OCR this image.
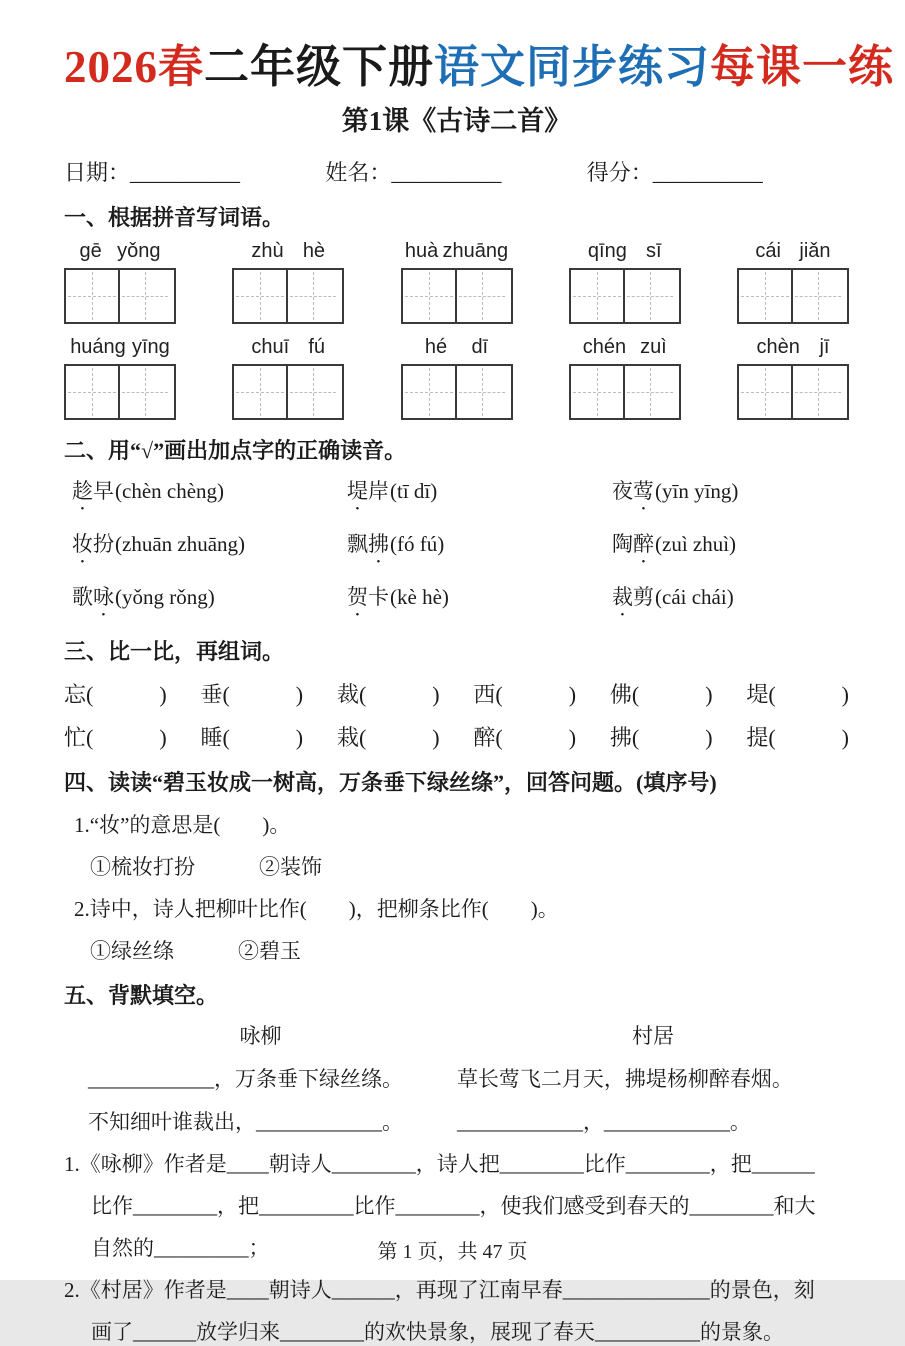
2026春二年级下册语文同步练习每课一练
第1课《古诗二首》
日期：__________	姓名：__________	得分：__________
一、根据拼音写词语。
gē yǒng	zhù hè	huà zhuāng	qīng sī	cái jiǎn
huáng yīng	chuī fú	hé dī	chén zuì	chèn jī
二、用“√”画出加点字的正确读音。
趁早(chèn chèng)	堤岸(tī dī)	夜莺(yīn yīng)
妆扮(zhuān zhuāng)	飘拂(fó fú)	陶醉(zuì zhuì)
歌咏(yǒng rǒng)	贺卡(kè hè)	裁剪(cái chái)
三、比一比，再组词。
忘(　　　) 垂(　　　) 裁(　　　) 西(　　　) 佛(　　　) 堤(　　　)
忙(　　　) 睡(　　　) 栽(　　　) 醉(　　　) 拂(　　　) 提(　　　)
四、读读“碧玉妆成一树高，万条垂下绿丝绦”，回答问题。(填序号)
1.“妆”的意思是(　　)。
①梳妆打扮	②装饰
2.诗中，诗人把柳叶比作(　　)，把柳条比作(　　)。
①绿丝绦	②碧玉
五、背默填空。
咏柳
____________，万条垂下绿丝绦。
不知细叶谁裁出，____________。
村居
草长莺飞二月天，拂堤杨柳醉春烟。
____________，____________。
1.《咏柳》作者是____朝诗人________，诗人把________比作________，把______
比作________，把_________比作________，使我们感受到春天的________和大
自然的_________；
2.《村居》作者是____朝诗人______，再现了江南早春______________的景色，刻
画了______放学归来________的欢快景象，展现了春天__________的景象。
第 1 页，共 47 页
